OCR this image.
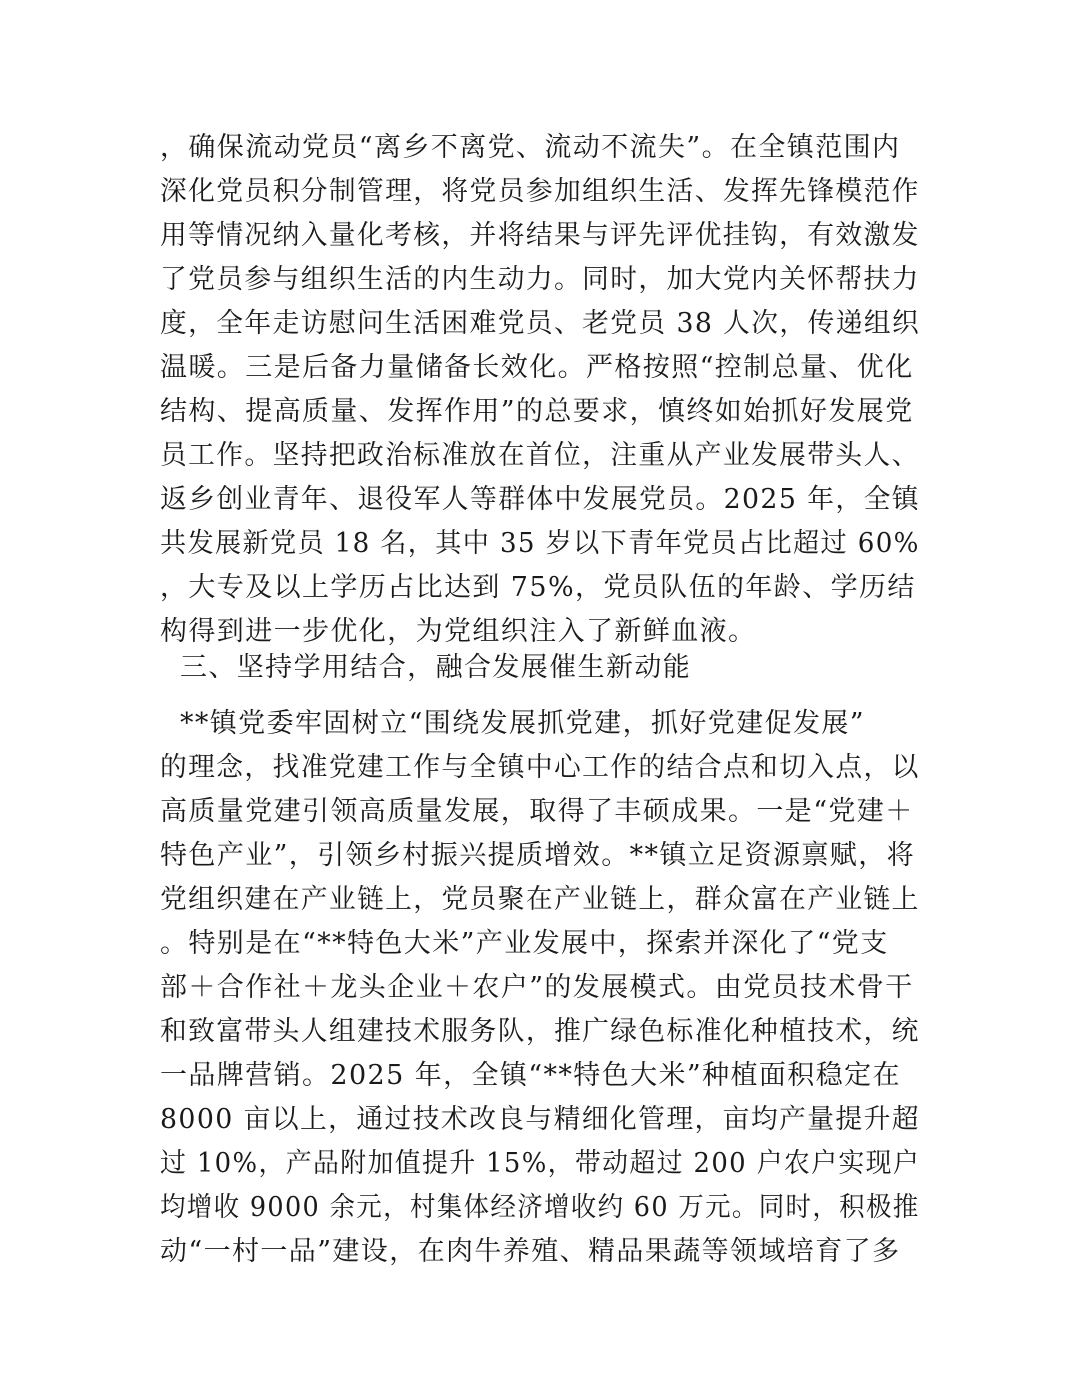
，确保流动党员“离乡不离党、流动不流失”。在全镇范围内
深化党员积分制管理，将党员参加组织生活、发挥先锋模范作
用等情况纳入量化考核，并将结果与评先评优挂钩，有效激发
了党员参与组织生活的内生动力。同时，加大党内关怀帮扶力
度，全年走访慰问生活困难党员、老党员 38 人次，传递组织
温暖。三是后备力量储备长效化。严格按照“控制总量、优化
结构、提高质量、发挥作用”的总要求，慎终如始抓好发展党
员工作。坚持把政治标准放在首位，注重从产业发展带头人、
返乡创业青年、退役军人等群体中发展党员。2025 年，全镇
共发展新党员 18 名，其中 35 岁以下青年党员占比超过 60%
，大专及以上学历占比达到 75%，党员队伍的年龄、学历结
构得到进一步优化，为党组织注入了新鲜血液。
三、坚持学用结合，融合发展催生新动能
**镇党委牢固树立“围绕发展抓党建，抓好党建促发展”
的理念，找准党建工作与全镇中心工作的结合点和切入点，以
高质量党建引领高质量发展，取得了丰硕成果。一是“党建＋
特色产业”，引领乡村振兴提质增效。**镇立足资源禀赋，将
党组织建在产业链上，党员聚在产业链上，群众富在产业链上
。特别是在“**特色大米”产业发展中，探索并深化了“党支
部＋合作社＋龙头企业＋农户”的发展模式。由党员技术骨干
和致富带头人组建技术服务队，推广绿色标准化种植技术，统
一品牌营销。2025 年，全镇“**特色大米”种植面积稳定在
8000 亩以上，通过技术改良与精细化管理，亩均产量提升超
过 10%，产品附加值提升 15%，带动超过 200 户农户实现户
均增收 9000 余元，村集体经济增收约 60 万元。同时，积极推
动“一村一品”建设，在肉牛养殖、精品果蔬等领域培育了多
